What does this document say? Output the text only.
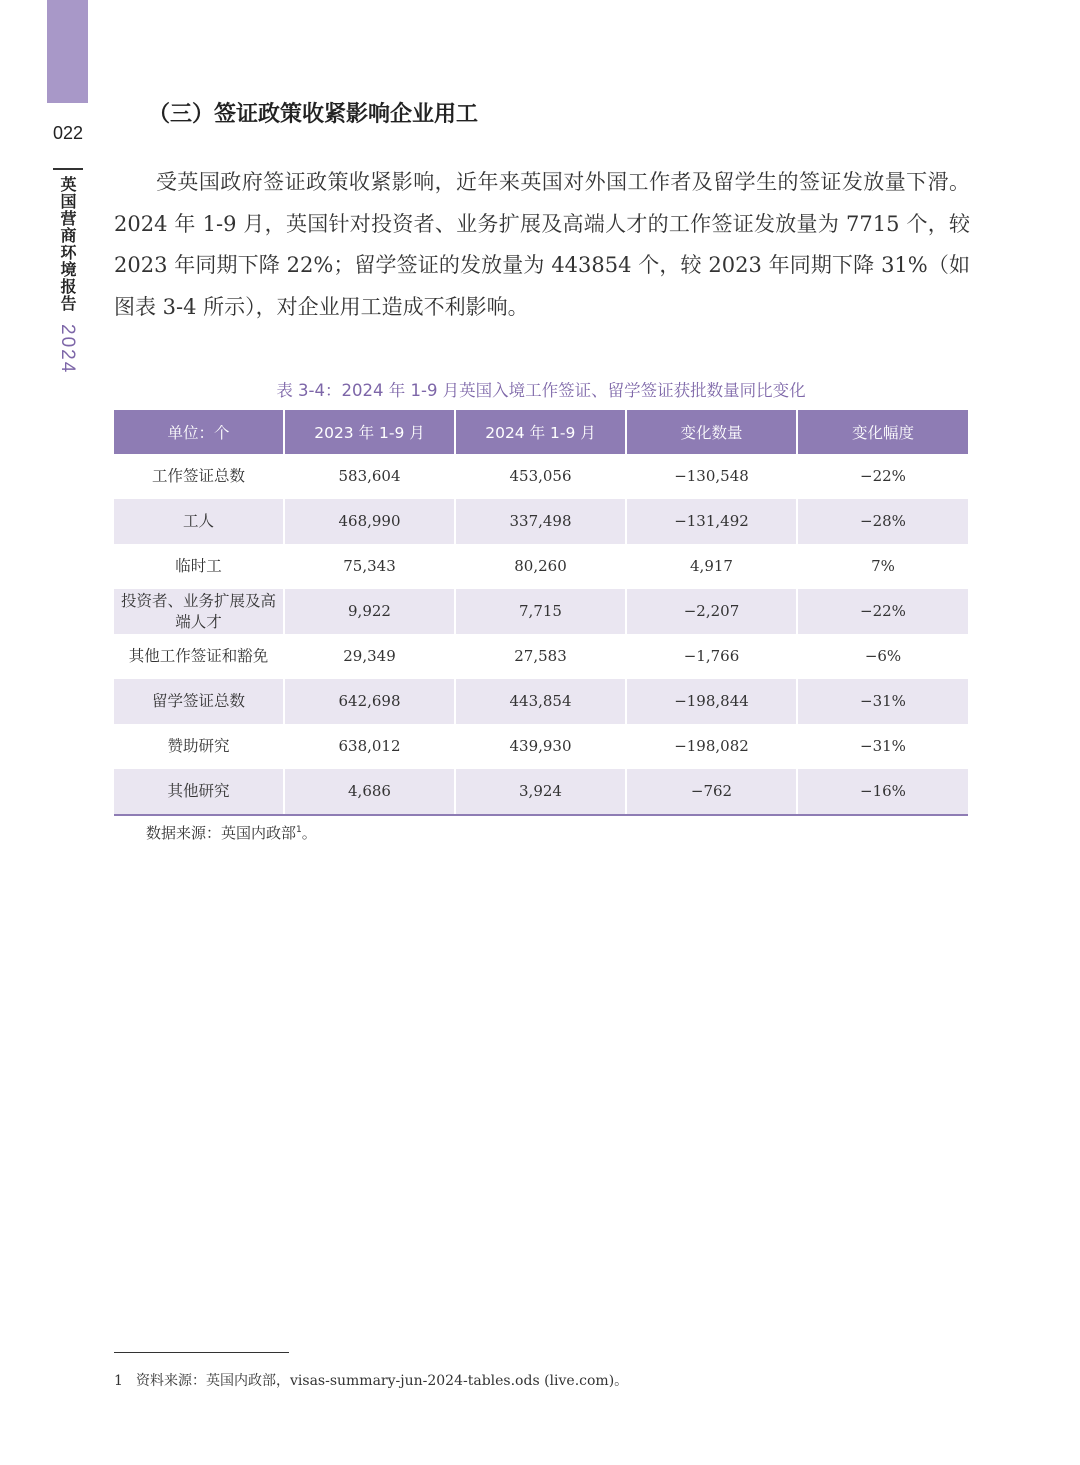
022
英国营商环境报告
2024
（三）签证政策收紧影响企业用工

受英国政府签证政策收紧影响，近年来英国对外国工作者及留学生的签证发放量下滑。2024 年 1-9 月，英国针对投资者、业务扩展及高端人才的工作签证发放量为 7715 个，较 2023 年同期下降 22%；留学签证的发放量为 443854 个，较 2023 年同期下降 31%（如图表 3-4 所示），对企业用工造成不利影响。

表 3-4：2024 年 1-9 月英国入境工作签证、留学签证获批数量同比变化
单位：个	2023 年 1-9 月	2024 年 1-9 月	变化数量	变化幅度
工作签证总数	583,604	453,056	−130,548	−22%
工人	468,990	337,498	−131,492	−28%
临时工	75,343	80,260	4,917	7%
投资者、业务扩展及高端人才	9,922	7,715	−2,207	−22%
其他工作签证和豁免	29,349	27,583	−1,766	−6%
留学签证总数	642,698	443,854	−198,844	−31%
赞助研究	638,012	439,930	−198,082	−31%
其他研究	4,686	3,924	−762	−16%
数据来源：英国内政部$^1$。
1 资料来源：英国内政部，visas-summary-jun-2024-tables.ods (live.com)。
